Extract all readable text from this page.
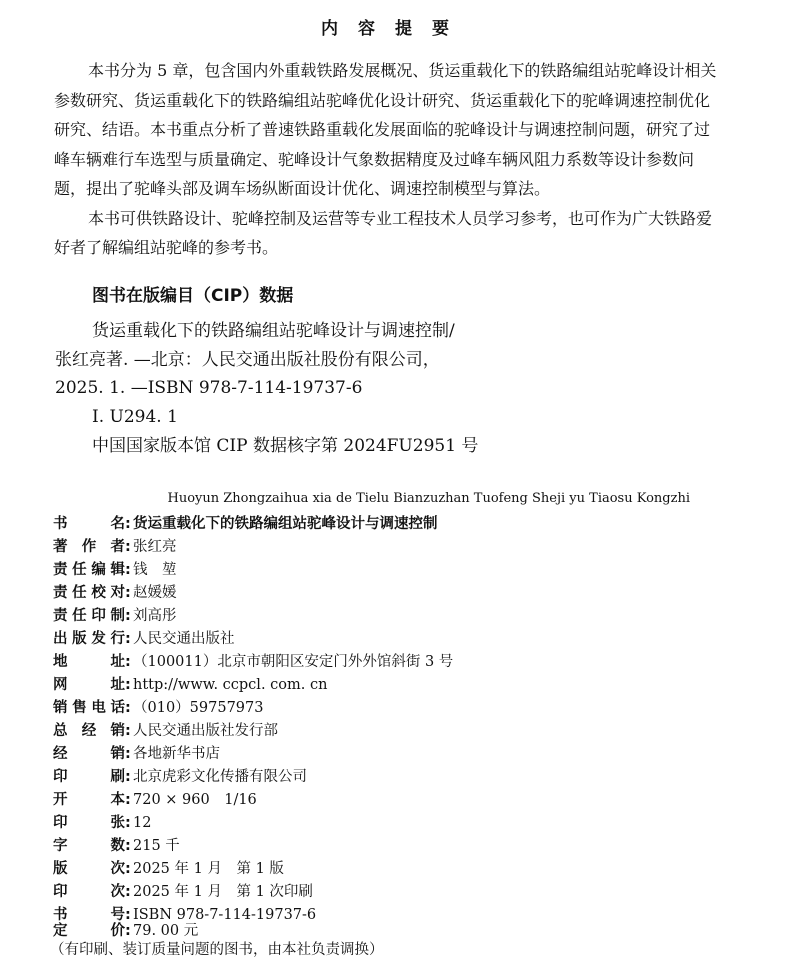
内容提要
本书分为 5 章，包含国内外重载铁路发展概况、货运重载化下的铁路编组站驼峰设计相关
参数研究、货运重载化下的铁路编组站驼峰优化设计研究、货运重载化下的驼峰调速控制优化
研究、结语。本书重点分析了普速铁路重载化发展面临的驼峰设计与调速控制问题，研究了过
峰车辆难行车选型与质量确定、驼峰设计气象数据精度及过峰车辆风阻力系数等设计参数问
题，提出了驼峰头部及调车场纵断面设计优化、调速控制模型与算法。
本书可供铁路设计、驼峰控制及运营等专业工程技术人员学习参考，也可作为广大铁路爱
好者了解编组站驼峰的参考书。
图书在版编目（CIP）数据
货运重载化下的铁路编组站驼峰设计与调速控制/
张红亮著. —北京：人民交通出版社股份有限公司，
2025. 1. —ISBN 978-7-114-19737-6
Ⅰ. U294. 1
中国国家版本馆 CIP 数据核字第 2024FU2951 号
Huoyun Zhongzaihua xia de Tielu Bianzuzhan Tuofeng Sheji yu Tiaosu Kongzhi
书名 : 货运重载化下的铁路编组站驼峰设计与调速控制
著作者 : 张红亮
责任编辑 : 钱　堃
责任校对 : 赵媛媛
责任印制 : 刘高彤
出版发行 : 人民交通出版社
地址 : （100011）北京市朝阳区安定门外外馆斜街 3 号
网址 : http://www. ccpcl. com. cn
销售电话 : （010）59757973
总经销 : 人民交通出版社发行部
经销 : 各地新华书店
印刷 : 北京虎彩文化传播有限公司
开本 : 720 × 960　1/16
印张 : 12
字数 : 215 千
版次 : 2025 年 1 月　第 1 版
印次 : 2025 年 1 月　第 1 次印刷
书号 : ISBN 978-7-114-19737-6
定价 : 79. 00 元
（有印刷、装订质量问题的图书，由本社负责调换）
